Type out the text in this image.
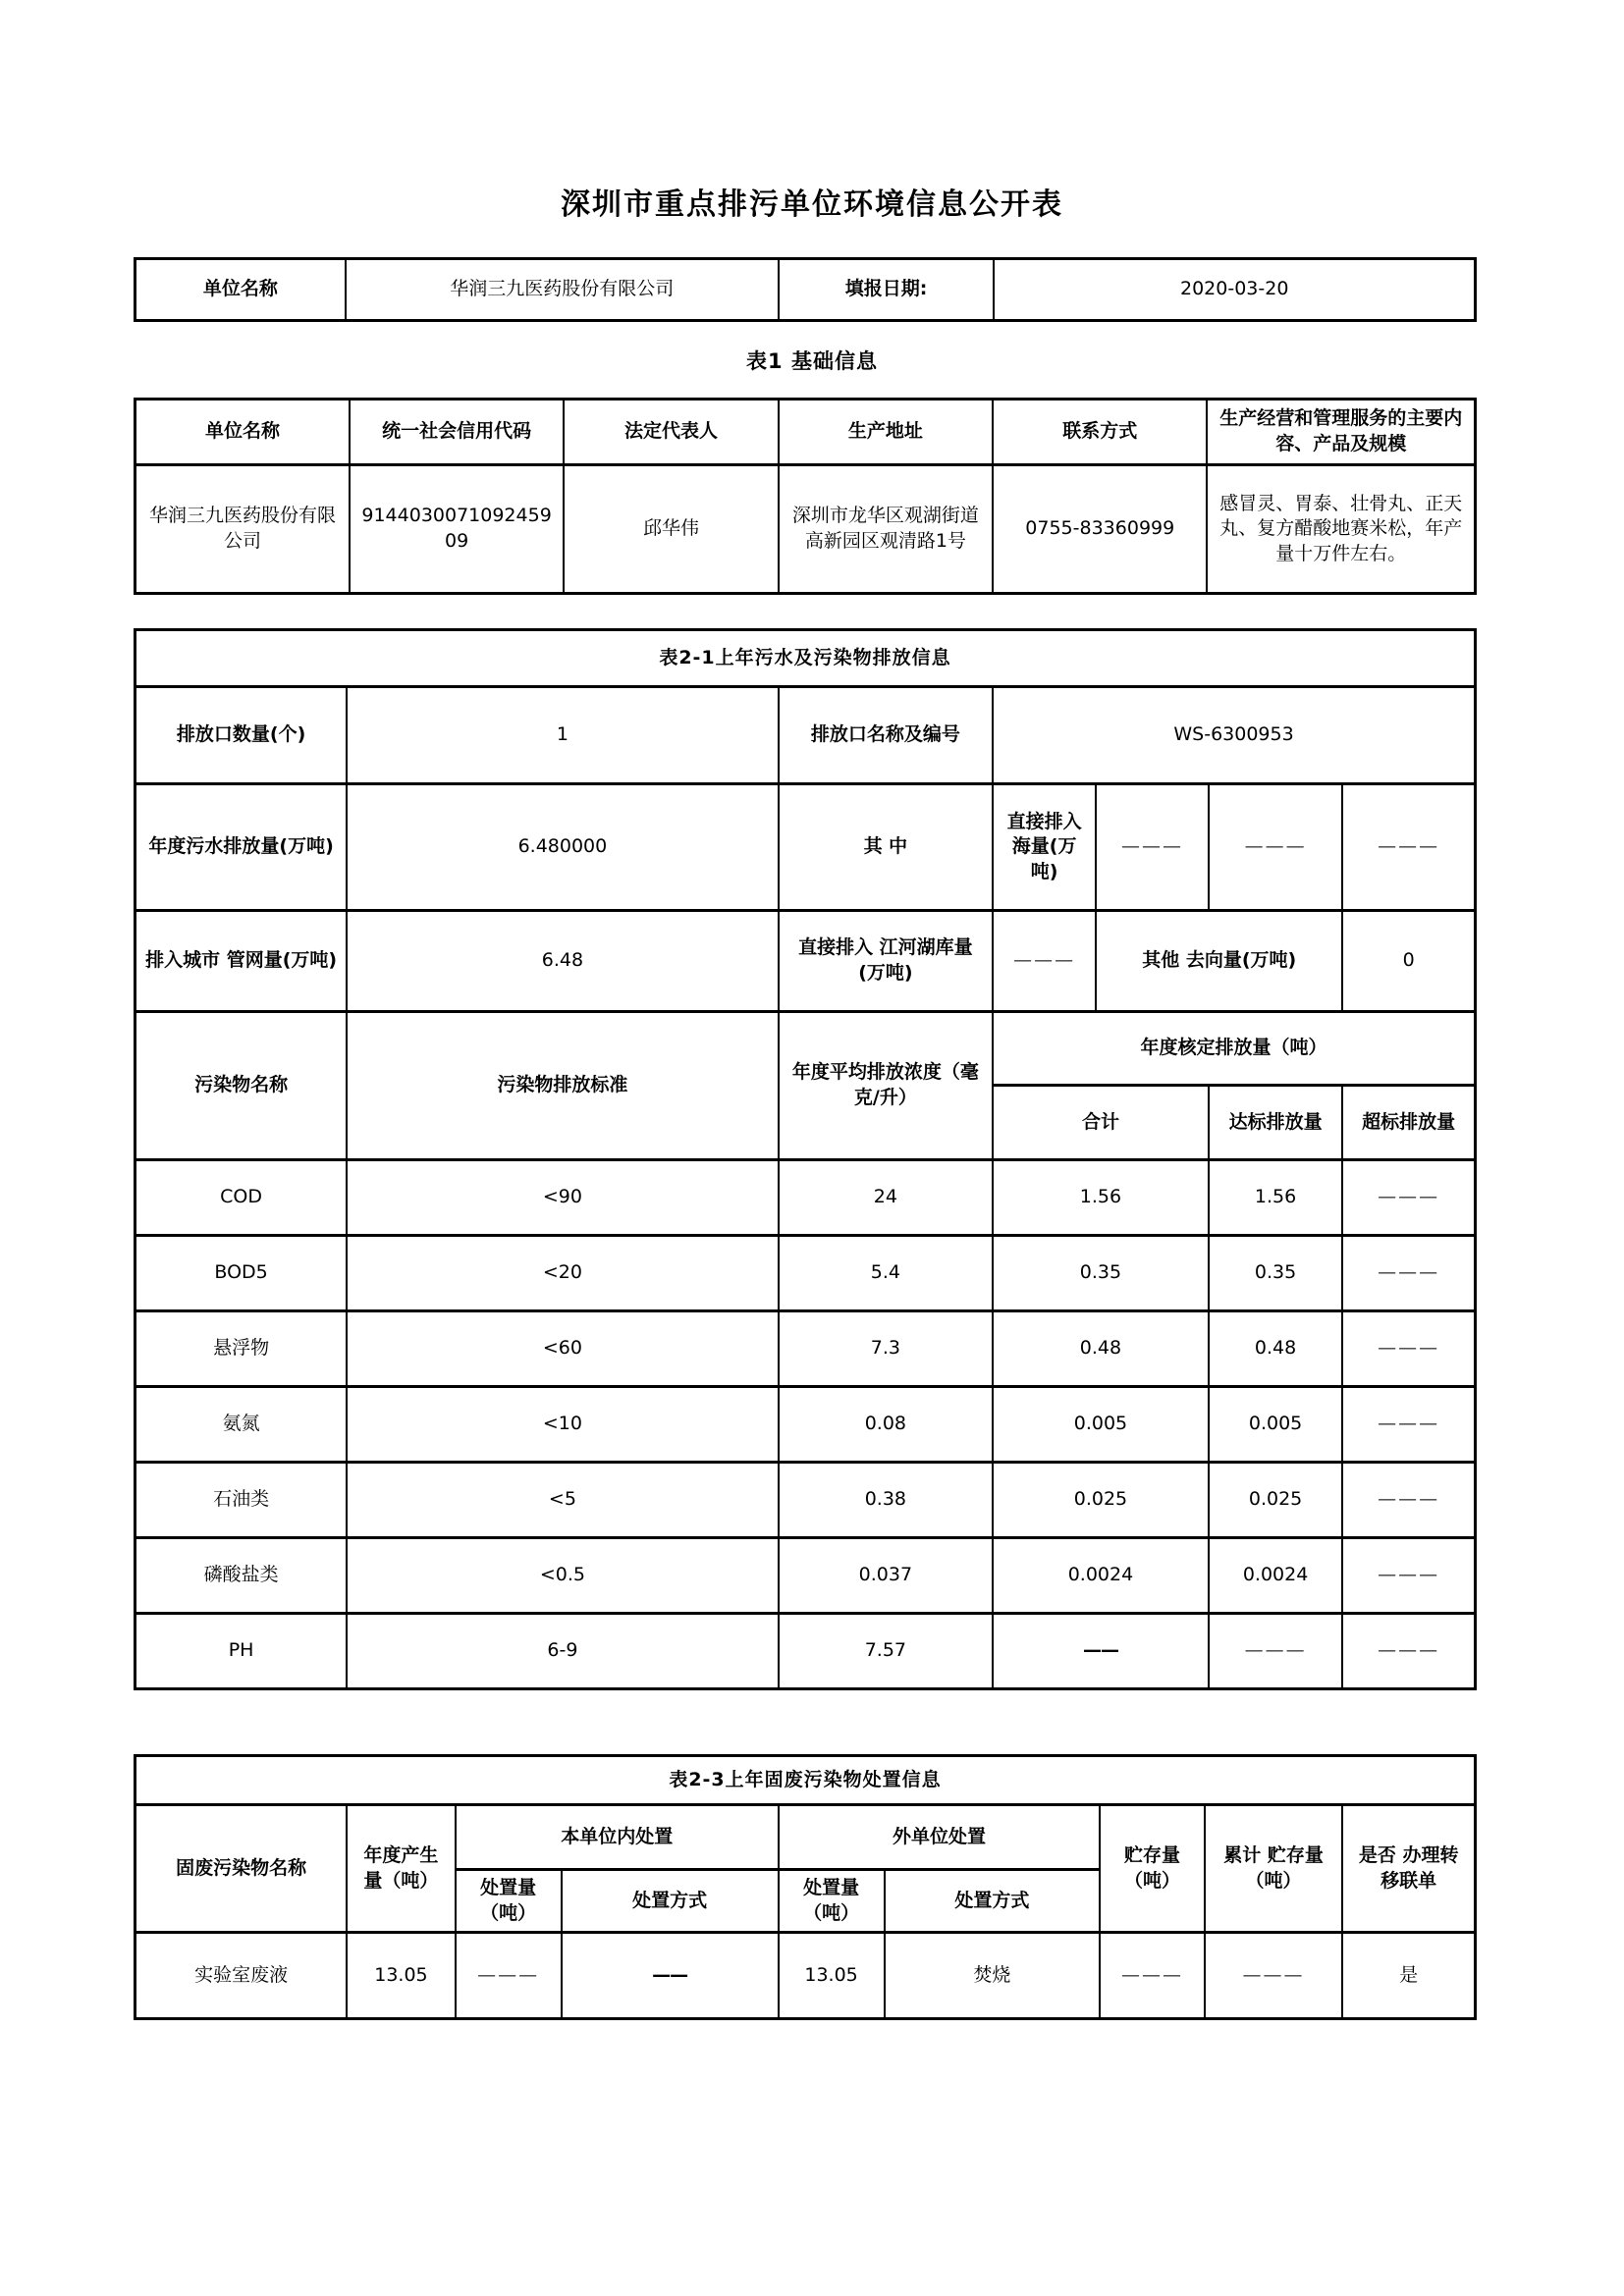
深圳市重点排污单位环境信息公开表
单位名称	华润三九医药股份有限公司	填报日期:	2020-03-20
表1 基础信息
单位名称	统一社会信用代码	法定代表人	生产地址	联系方式	生产经营和管理服务的主要内容、产品及规模
华润三九医药股份有限公司	914403007109245909	邱华伟	深圳市龙华区观湖街道高新园区观清路1号	0755-83360999	感冒灵、胃泰、壮骨丸、正天丸、复方醋酸地赛米松，年产量十万件左右。
表2-1上年污水及污染物排放信息						
排放口数量(个)	1	排放口名称及编号	WS-6300953			
年度污水排放量(万吨)	6.480000	其 中	直接排入海量(万吨)	———	———	———
排入城市 管网量(万吨)	6.48	直接排入 江河湖库量 (万吨)	———	其他 去向量(万吨)		0
污染物名称	污染物排放标准	年度平均排放浓度（毫克/升）	年度核定排放量（吨）			
			合计		达标排放量	超标排放量
COD	<90	24	1.56		1.56	———
BOD5	<20	5.4	0.35		0.35	———
悬浮物	<60	7.3	0.48		0.48	———
氨氮	<10	0.08	0.005		0.005	———
石油类	<5	0.38	0.025		0.025	———
磷酸盐类	<0.5	0.037	0.0024		0.0024	———
PH	6-9	7.57	——		———	———
表2-3上年固废污染物处置信息								
固废污染物名称	年度产生量（吨）	本单位内处置		外单位处置		贮存量（吨）	累计 贮存量（吨）	是否 办理转移联单
		处置量（吨）	处置方式	处置量（吨）	处置方式			
实验室废液	13.05	———	——	13.05	焚烧	———	———	是
